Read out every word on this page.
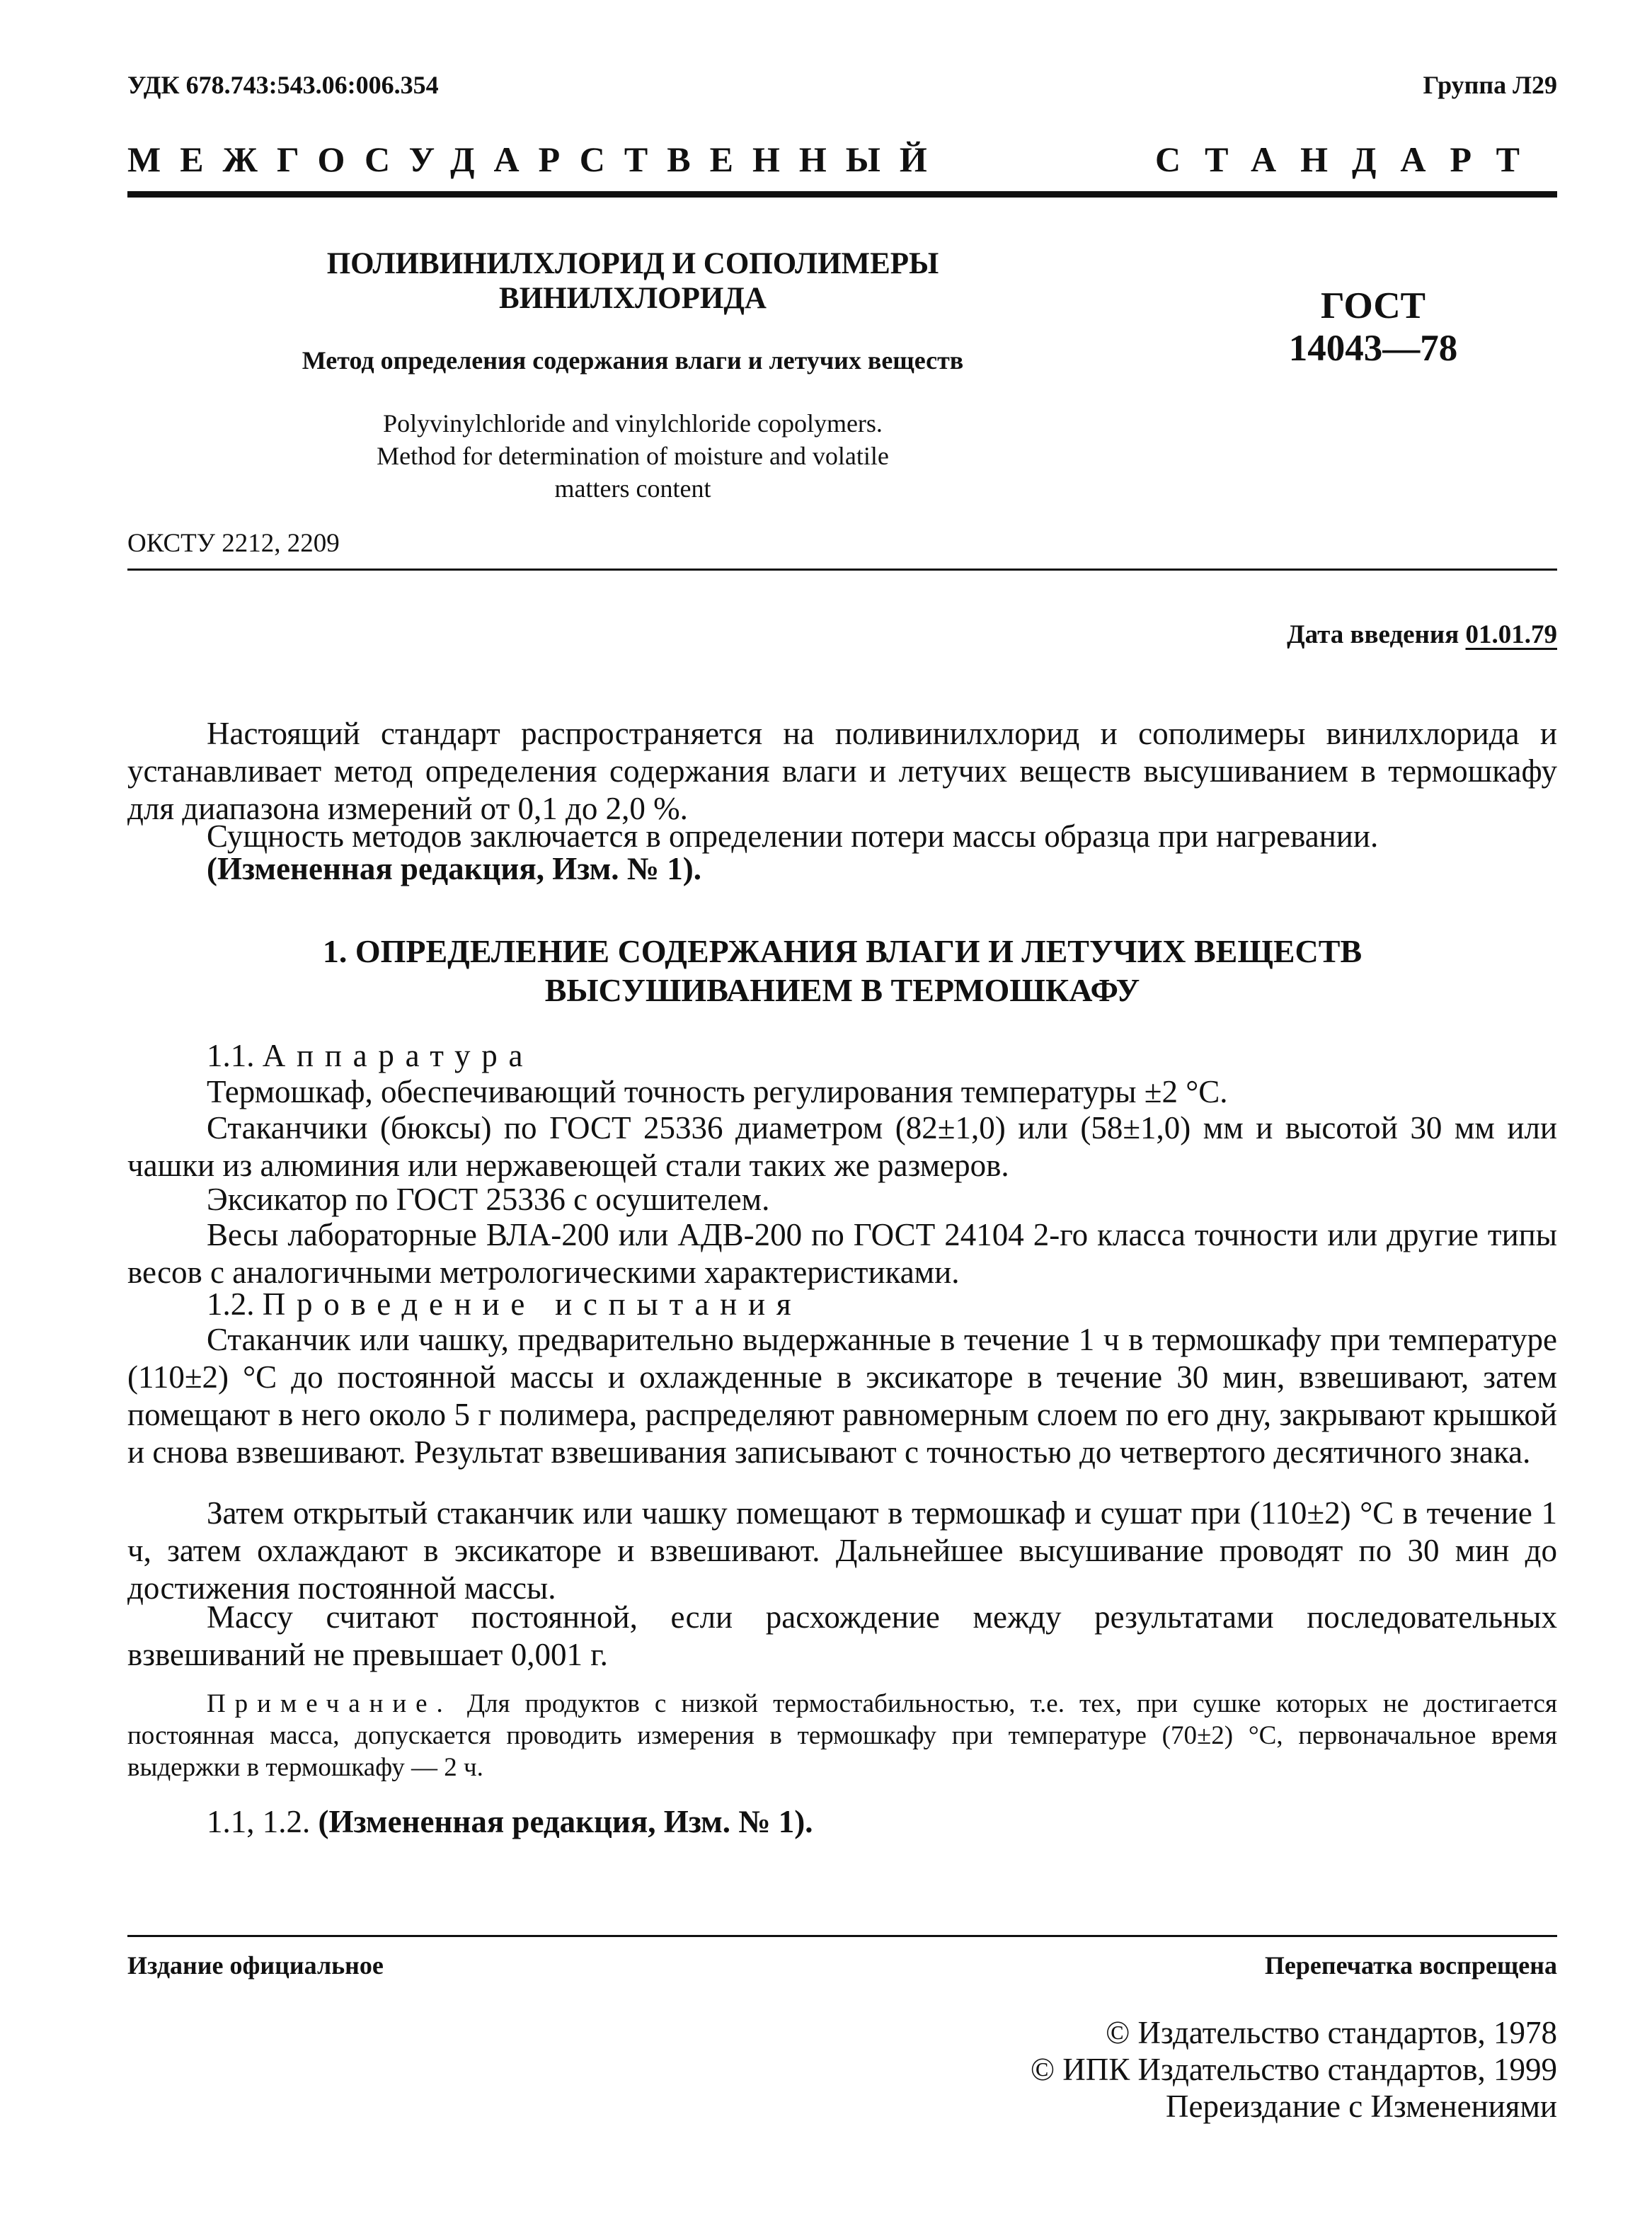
УДК 678.743:543.06:006.354	Группа Л29
МЕЖГОСУДАРСТВЕННЫЙ	СТАНДАРТ
ПОЛИВИНИЛХЛОРИД И СОПОЛИМЕРЫ
ВИНИЛХЛОРИДА
Метод определения содержания влаги и летучих веществ
Polyvinylchloride and vinylchloride copolymers.
Method for determination of moisture and volatile
matters content
ГОСТ
14043—78
ОКСТУ 2212, 2209
Дата введения 01.01.79
Настоящий стандарт распространяется на поливинилхлорид и сополимеры винилхлорида и устанавливает метод определения содержания влаги и летучих веществ высушиванием в термошкафу для диапазона измерений от 0,1 до 2,0 %.
Сущность методов заключается в определении потери массы образца при нагревании.
(Измененная редакция, Изм. № 1).
1. ОПРЕДЕЛЕНИЕ СОДЕРЖАНИЯ ВЛАГИ И ЛЕТУЧИХ ВЕЩЕСТВ
ВЫСУШИВАНИЕМ В ТЕРМОШКАФУ
1.1. Аппаратура
Термошкаф, обеспечивающий точность регулирования температуры ±2 °С.
Стаканчики (бюксы) по ГОСТ 25336 диаметром (82±1,0) или (58±1,0) мм и высотой 30 мм или чашки из алюминия или нержавеющей стали таких же размеров.
Эксикатор по ГОСТ 25336 с осушителем.
Весы лабораторные ВЛА-200 или АДВ-200 по ГОСТ 24104 2-го класса точности или другие типы весов с аналогичными метрологическими характеристиками.
1.2. Проведение испытания
Стаканчик или чашку, предварительно выдержанные в течение 1 ч в термошкафу при температуре (110±2) °С до постоянной массы и охлажденные в эксикаторе в течение 30 мин, взвешивают, затем помещают в него около 5 г полимера, распределяют равномерным слоем по его дну, закрывают крышкой и снова взвешивают. Результат взвешивания записывают с точностью до четвертого десятичного знака.
Затем открытый стаканчик или чашку помещают в термошкаф и сушат при (110±2) °С в течение 1 ч, затем охлаждают в эксикаторе и взвешивают. Дальнейшее высушивание проводят по 30 мин до достижения постоянной массы.
Массу считают постоянной, если расхождение между результатами последовательных взвешиваний не превышает 0,001 г.
Примечание. Для продуктов с низкой термостабильностью, т.е. тех, при сушке которых не достигается постоянная масса, допускается проводить измерения в термошкафу при температуре (70±2) °С, первоначальное время выдержки в термошкафу — 2 ч.
1.1, 1.2. (Измененная редакция, Изм. № 1).
Издание официальное	Перепечатка воспрещена
© Издательство стандартов, 1978
© ИПК Издательство стандартов, 1999
Переиздание с Изменениями
